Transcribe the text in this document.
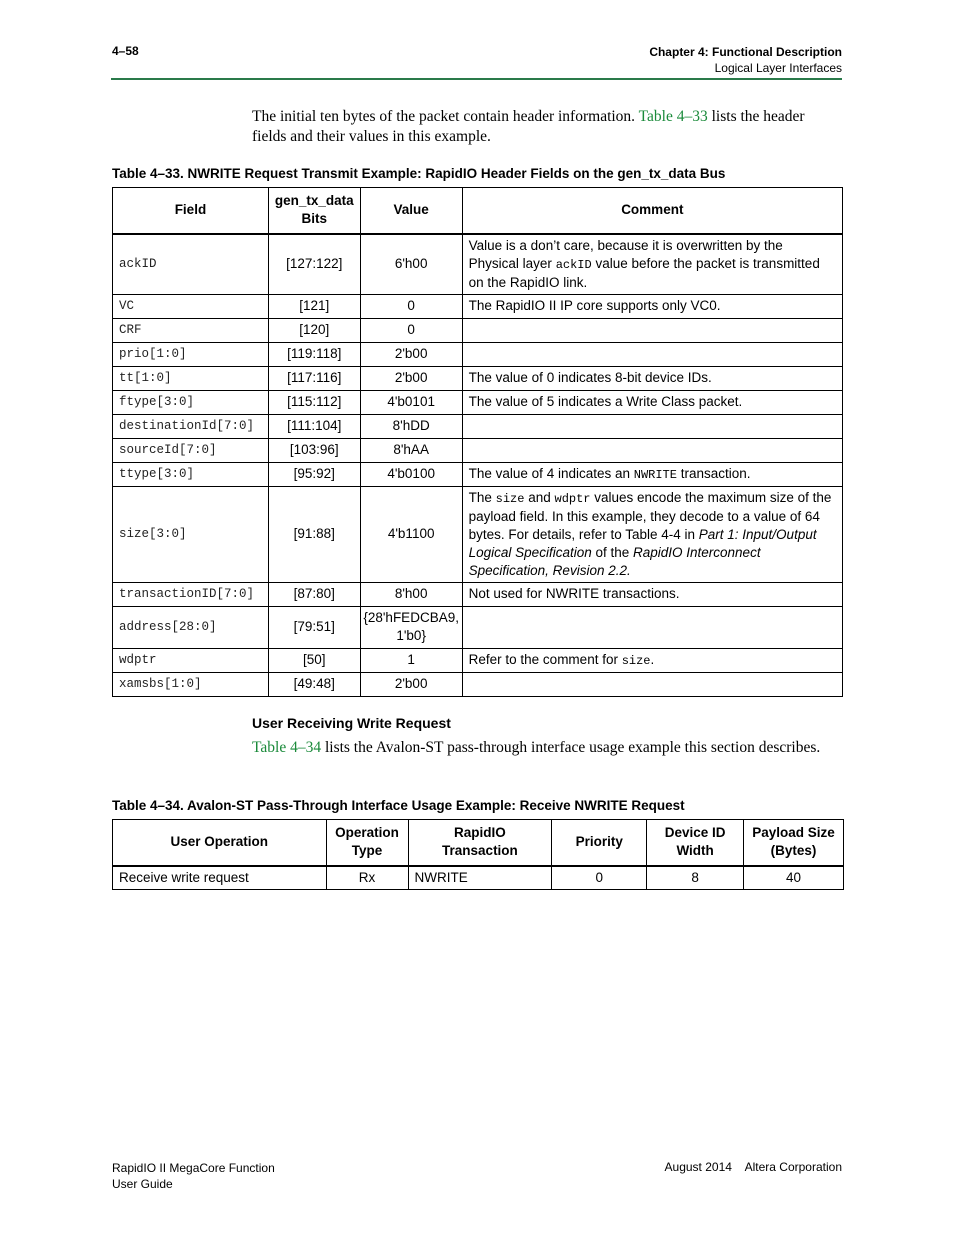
4–58	Chapter 4: Functional Description
Logical Layer Interfaces
The initial ten bytes of the packet contain header information. Table 4–33 lists the header fields and their values in this example.
Table 4–33. NWRITE Request Transmit Example: RapidIO Header Fields on the gen_tx_data Bus
Field	gen_tx_data Bits	Value	Comment
ackID	[127:122]	6'h00	Value is a don’t care, because it is overwritten by the Physical layer ackID value before the packet is transmitted on the RapidIO link.
VC	[121]	0	The RapidIO II IP core supports only VC0.
CRF	[120]	0	
prio[1:0]	[119:118]	2'b00	
tt[1:0]	[117:116]	2'b00	The value of 0 indicates 8-bit device IDs.
ftype[3:0]	[115:112]	4'b0101	The value of 5 indicates a Write Class packet.
destinationId[7:0]	[111:104]	8'hDD	
sourceId[7:0]	[103:96]	8'hAA	
ttype[3:0]	[95:92]	4'b0100	The value of 4 indicates an NWRITE transaction.
size[3:0]	[91:88]	4'b1100	The size and wdptr values encode the maximum size of the payload field. In this example, they decode to a value of 64 bytes. For details, refer to Table 4-4 in Part 1: Input/Output Logical Specification of the RapidIO Interconnect Specification, Revision 2.2.
transactionID[7:0]	[87:80]	8'h00	Not used for NWRITE transactions.
address[28:0]	[79:51]	{28'hFEDCBA9, 1'b0}	
wdptr	[50]	1	Refer to the comment for size.
xamsbs[1:0]	[49:48]	2'b00	
User Receiving Write Request
Table 4–34 lists the Avalon-ST pass-through interface usage example this section describes.
Table 4–34. Avalon-ST Pass-Through Interface Usage Example: Receive NWRITE Request
User Operation	Operation Type	RapidIO Transaction	Priority	Device ID Width	Payload Size (Bytes)
Receive write request	Rx	NWRITE	0	8	40
RapidIO II MegaCore Function
User Guide
August 2014 Altera Corporation
